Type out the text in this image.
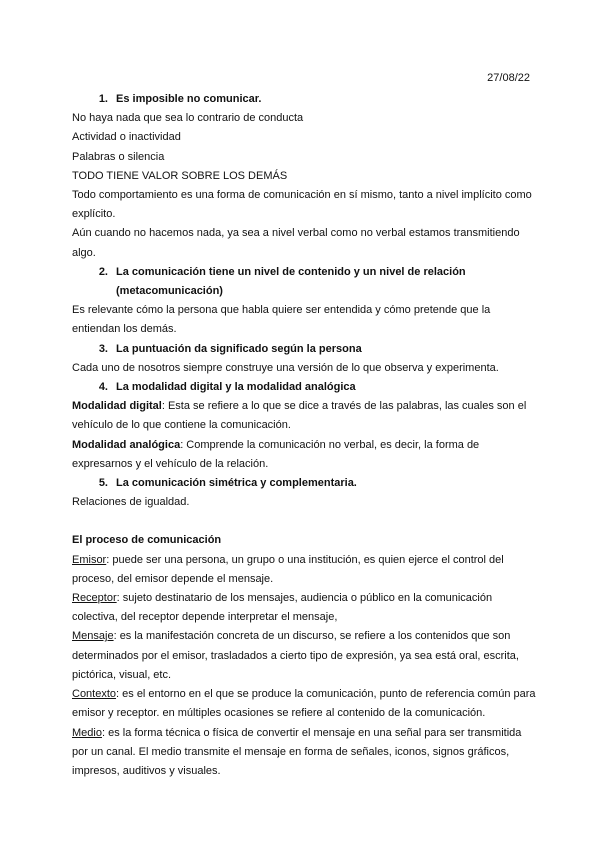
27/08/22
1. Es imposible no comunicar.

No haya nada que sea lo contrario de conducta

Actividad o inactividad

Palabras o silencia

TODO TIENE VALOR SOBRE LOS DEMÁS

Todo comportamiento es una forma de comunicación en sí mismo, tanto a nivel implícito como explícito.

Aún cuando no hacemos nada, ya sea a nivel verbal como no verbal estamos transmitiendo algo.

2. La comunicación tiene un nivel de contenido y un nivel de relación (metacomunicación)

Es relevante cómo la persona que habla quiere ser entendida y cómo pretende que la entiendan los demás.

3. La puntuación da significado según la persona

Cada uno de nosotros siempre construye una versión de lo que observa y experimenta.

4. La modalidad digital y la modalidad analógica

Modalidad digital: Esta se refiere a lo que se dice a través de las palabras, las cuales son el vehículo de lo que contiene la comunicación.

Modalidad analógica: Comprende la comunicación no verbal, es decir, la forma de expresarnos y el vehículo de la relación.

5. La comunicación simétrica y complementaria.

Relaciones de igualdad.

El proceso de comunicación

Emisor: puede ser una persona, un grupo o una institución, es quien ejerce el control del proceso, del emisor depende el mensaje.

Receptor: sujeto destinatario de los mensajes, audiencia o público en la comunicación colectiva, del receptor depende interpretar el mensaje,

Mensaje: es la manifestación concreta de un discurso, se refiere a los contenidos que son determinados por el emisor, trasladados a cierto tipo de expresión, ya sea está oral, escrita, pictórica, visual, etc.

Contexto: es el entorno en el que se produce la comunicación, punto de referencia común para emisor y receptor. en múltiples ocasiones se refiere al contenido de la comunicación.

Medio: es la forma técnica o física de convertir el mensaje en una señal para ser transmitida por un canal. El medio transmite el mensaje en forma de señales, iconos, signos gráficos, impresos, auditivos y visuales.
